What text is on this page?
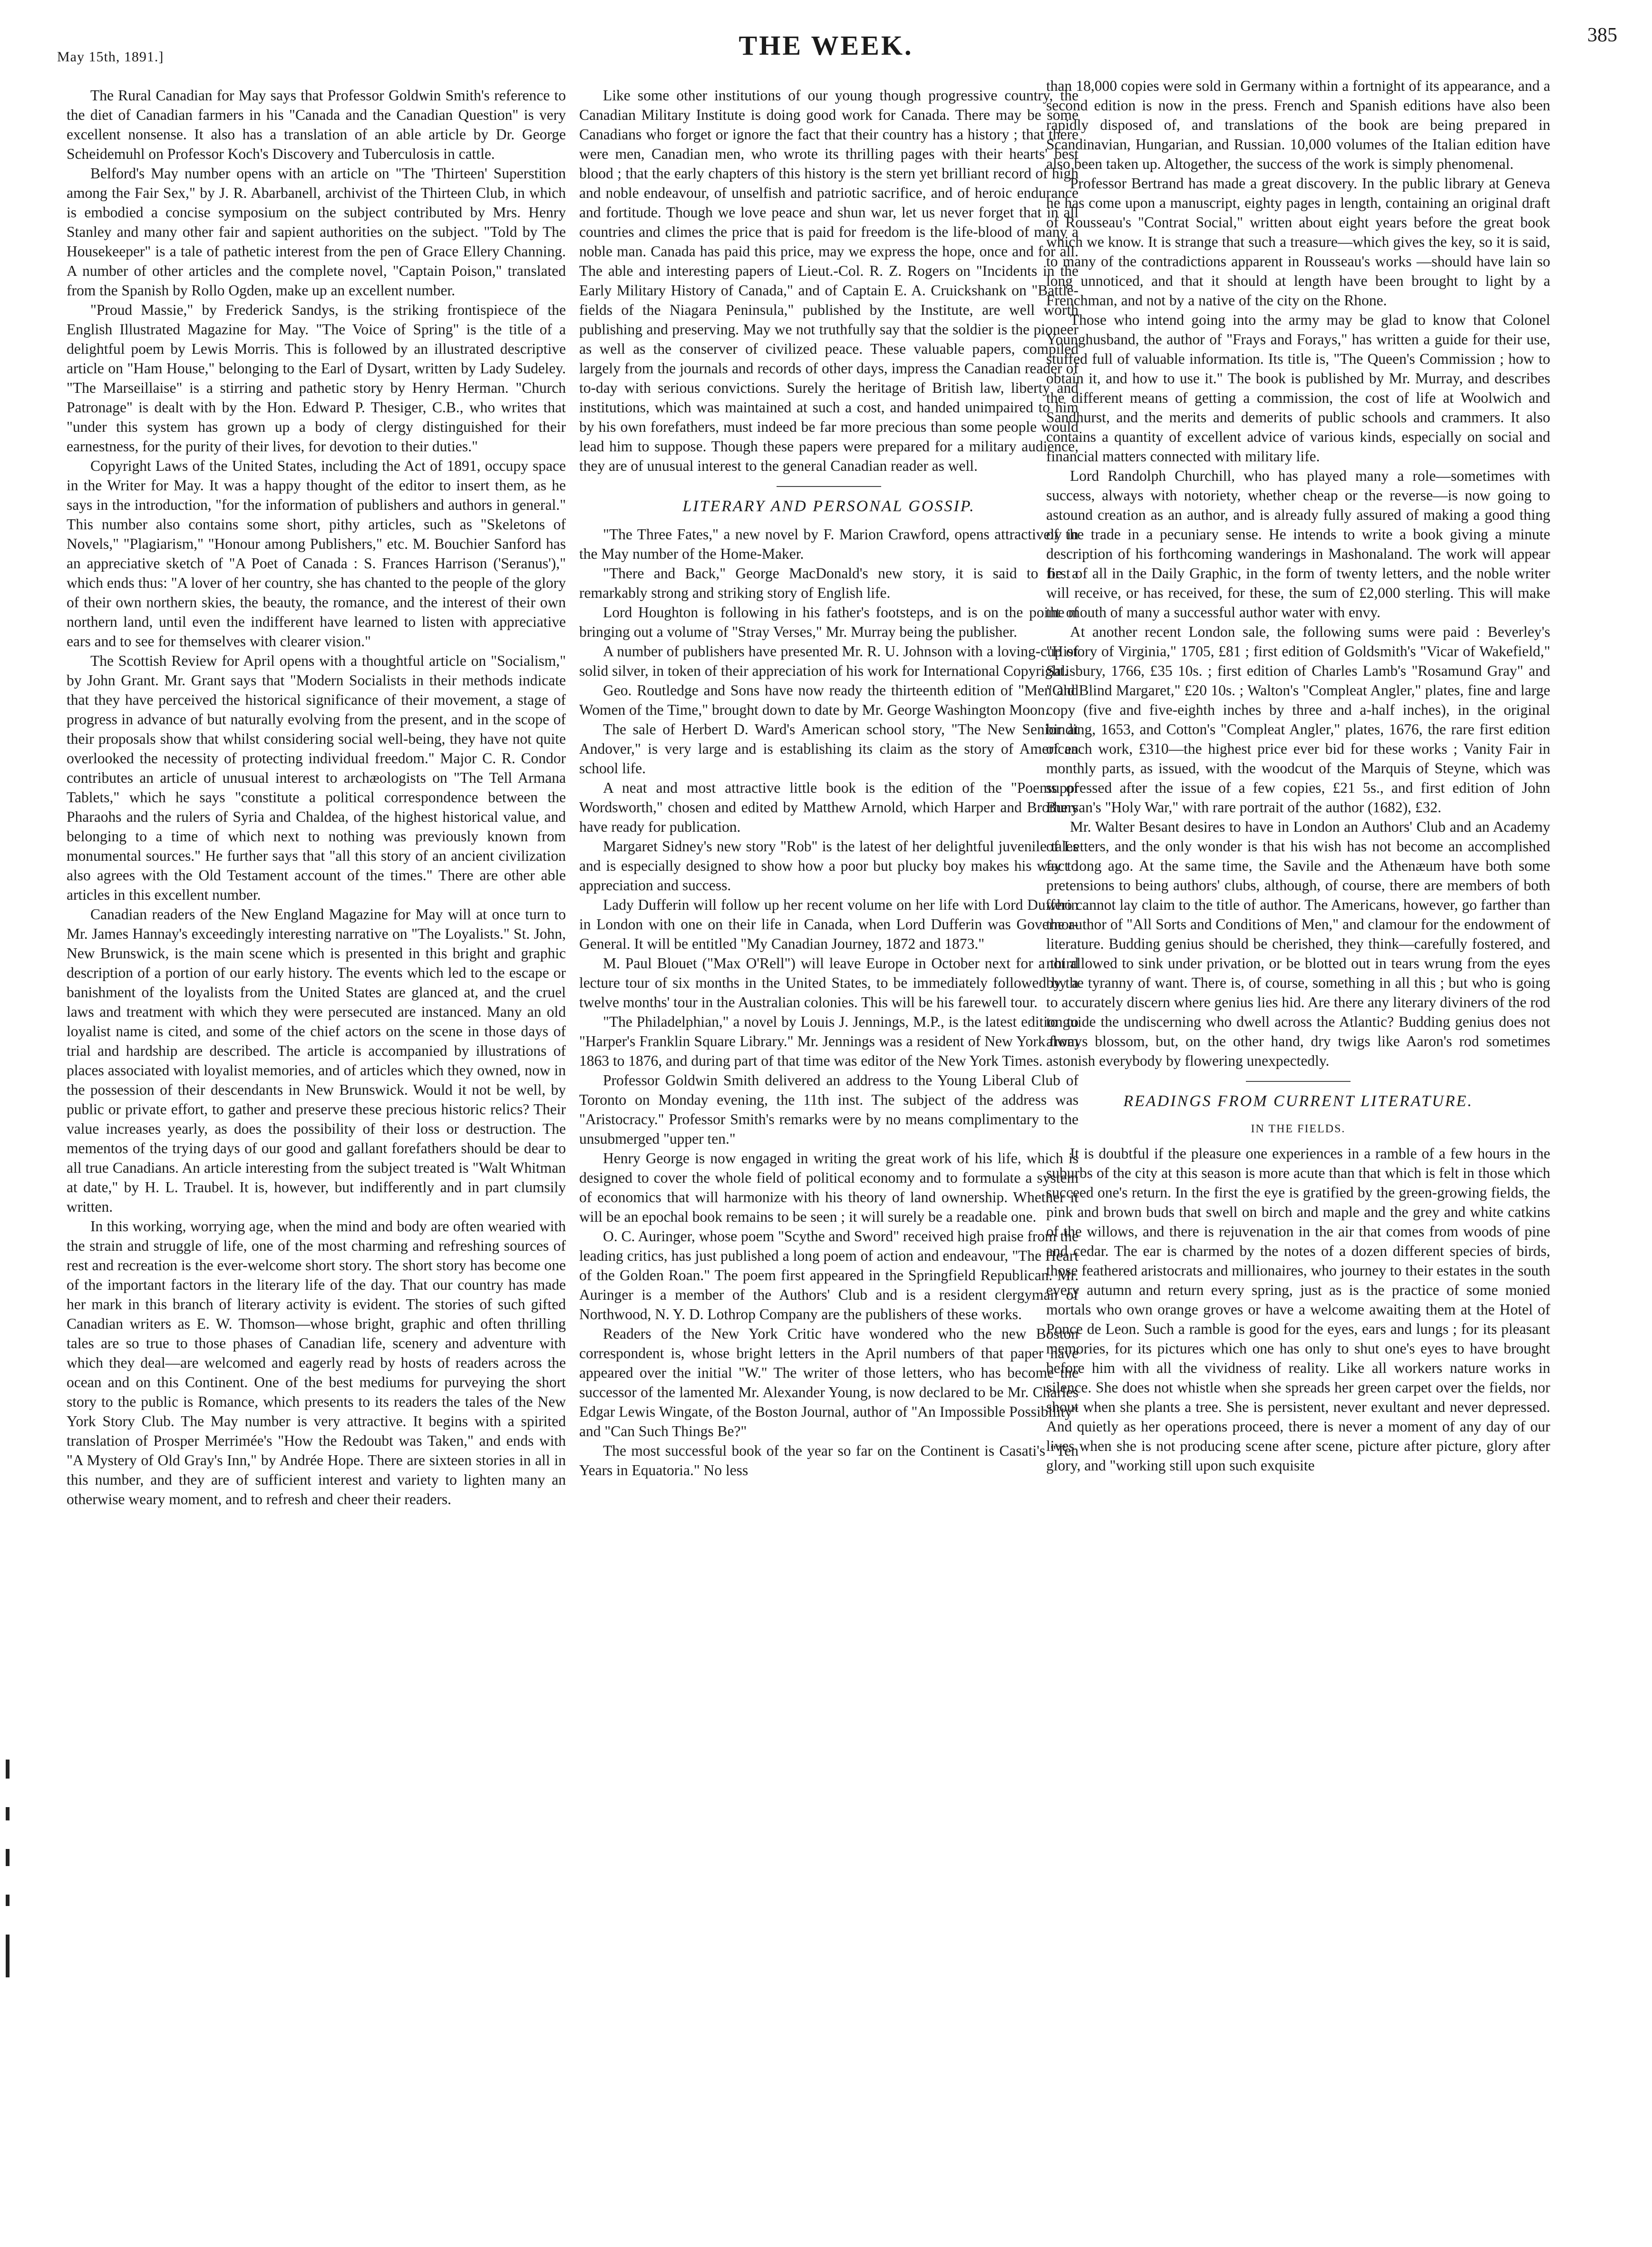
May 15th, 1891.]	THE WEEK.	385

The Rural Canadian for May says that Professor Goldwin Smith's reference to the diet of Canadian farmers in his "Canada and the Canadian Question" is very excellent nonsense. It also has a translation of an able article by Dr. George Scheidemuhl on Professor Koch's Discovery and Tuberculosis in cattle.

Belford's May number opens with an article on "The 'Thirteen' Superstition among the Fair Sex," by J. R. Abarbanell, archivist of the Thirteen Club, in which is embodied a concise symposium on the subject contributed by Mrs. Henry Stanley and many other fair and sapient authorities on the subject. "Told by The Housekeeper" is a tale of pathetic interest from the pen of Grace Ellery Channing. A number of other articles and the complete novel, "Captain Poison," translated from the Spanish by Rollo Ogden, make up an excellent number.

"Proud Massie," by Frederick Sandys, is the striking frontispiece of the English Illustrated Magazine for May. "The Voice of Spring" is the title of a delightful poem by Lewis Morris. This is followed by an illustrated descriptive article on "Ham House," belonging to the Earl of Dysart, written by Lady Sudeley. "The Marseillaise" is a stirring and pathetic story by Henry Herman. "Church Patronage" is dealt with by the Hon. Edward P. Thesiger, C.B., who writes that "under this system has grown up a body of clergy distinguished for their earnestness, for the purity of their lives, for devotion to their duties."

Copyright Laws of the United States, including the Act of 1891, occupy space in the Writer for May. It was a happy thought of the editor to insert them, as he says in the introduction, "for the information of publishers and authors in general." This number also contains some short, pithy articles, such as "Skeletons of Novels," "Plagiarism," "Honour among Publishers," etc. M. Bouchier Sanford has an appreciative sketch of "A Poet of Canada : S. Frances Harrison ('Seranus')," which ends thus: "A lover of her country, she has chanted to the people of the glory of their own northern skies, the beauty, the romance, and the interest of their own northern land, until even the indifferent have learned to listen with appreciative ears and to see for themselves with clearer vision."

The Scottish Review for April opens with a thoughtful article on "Socialism," by John Grant. Mr. Grant says that "Modern Socialists in their methods indicate that they have perceived the historical significance of their movement, a stage of progress in advance of but naturally evolving from the present, and in the scope of their proposals show that whilst considering social well-being, they have not quite overlooked the necessity of protecting individual freedom." Major C. R. Condor contributes an article of unusual interest to archæologists on "The Tell Armana Tablets," which he says "constitute a political correspondence between the Pharaohs and the rulers of Syria and Chaldea, of the highest historical value, and belonging to a time of which next to nothing was previously known from monumental sources." He further says that "all this story of an ancient civilization also agrees with the Old Testament account of the times." There are other able articles in this excellent number.

Canadian readers of the New England Magazine for May will at once turn to Mr. James Hannay's exceedingly interesting narrative on "The Loyalists." St. John, New Brunswick, is the main scene which is presented in this bright and graphic description of a portion of our early history. The events which led to the escape or banishment of the loyalists from the United States are glanced at, and the cruel laws and treatment with which they were persecuted are instanced. Many an old loyalist name is cited, and some of the chief actors on the scene in those days of trial and hardship are described. The article is accompanied by illustrations of places associated with loyalist memories, and of articles which they owned, now in the possession of their descendants in New Brunswick. Would it not be well, by public or private effort, to gather and preserve these precious historic relics? Their value increases yearly, as does the possibility of their loss or destruction. The mementos of the trying days of our good and gallant forefathers should be dear to all true Canadians. An article interesting from the subject treated is "Walt Whitman at date," by H. L. Traubel. It is, however, but indifferently and in part clumsily written.

In this working, worrying age, when the mind and body are often wearied with the strain and struggle of life, one of the most charming and refreshing sources of rest and recreation is the ever-welcome short story. The short story has become one of the important factors in the literary life of the day. That our country has made her mark in this branch of literary activity is evident. The stories of such gifted Canadian writers as E. W. Thomson—whose bright, graphic and often thrilling tales are so true to those phases of Canadian life, scenery and adventure with which they deal—are welcomed and eagerly read by hosts of readers across the ocean and on this Continent. One of the best mediums for purveying the short story to the public is Romance, which presents to its readers the tales of the New York Story Club. The May number is very attractive. It begins with a spirited translation of Prosper Merrimée's "How the Redoubt was Taken," and ends with "A Mystery of Old Gray's Inn," by Andrée Hope. There are sixteen stories in all in this number, and they are of sufficient interest and variety to lighten many an otherwise weary moment, and to refresh and cheer their readers.

Like some other institutions of our young though progressive country, the Canadian Military Institute is doing good work for Canada. There may be some Canadians who forget or ignore the fact that their country has a history ; that there were men, Canadian men, who wrote its thrilling pages with their hearts' best blood ; that the early chapters of this history is the stern yet brilliant record of high and noble endeavour, of unselfish and patriotic sacrifice, and of heroic endurance and fortitude. Though we love peace and shun war, let us never forget that in all countries and climes the price that is paid for freedom is the life-blood of many a noble man. Canada has paid this price, may we express the hope, once and for all. The able and interesting papers of Lieut.-Col. R. Z. Rogers on "Incidents in the Early Military History of Canada," and of Captain E. A. Cruickshank on "Battle-fields of the Niagara Peninsula," published by the Institute, are well worth publishing and preserving. May we not truthfully say that the soldier is the pioneer as well as the conserver of civilized peace. These valuable papers, compiled largely from the journals and records of other days, impress the Canadian reader of to-day with serious convictions. Surely the heritage of British law, liberty and institutions, which was maintained at such a cost, and handed unimpaired to him by his own forefathers, must indeed be far more precious than some people would lead him to suppose. Though these papers were prepared for a military audience, they are of unusual interest to the general Canadian reader as well.

LITERARY AND PERSONAL GOSSIP.

"The Three Fates," a new novel by F. Marion Crawford, opens attractively in the May number of the Home-Maker.

"There and Back," George MacDonald's new story, it is said to be a remarkably strong and striking story of English life.

Lord Houghton is following in his father's footsteps, and is on the point of bringing out a volume of "Stray Verses," Mr. Murray being the publisher.

A number of publishers have presented Mr. R. U. Johnson with a loving-cup of solid silver, in token of their appreciation of his work for International Copyright.

Geo. Routledge and Sons have now ready the thirteenth edition of "Men and Women of the Time," brought down to date by Mr. George Washington Moon.

The sale of Herbert D. Ward's American school story, "The New Senior at Andover," is very large and is establishing its claim as the story of American school life.

A neat and most attractive little book is the edition of the "Poems of Wordsworth," chosen and edited by Matthew Arnold, which Harper and Brothers have ready for publication.

Margaret Sidney's new story "Rob" is the latest of her delightful juvenile tales and is especially designed to show how a poor but plucky boy makes his way to appreciation and success.

Lady Dufferin will follow up her recent volume on her life with Lord Dufferin in London with one on their life in Canada, when Lord Dufferin was Governor-General. It will be entitled "My Canadian Journey, 1872 and 1873."

M. Paul Blouet ("Max O'Rell") will leave Europe in October next for a third lecture tour of six months in the United States, to be immediately followed by a twelve months' tour in the Australian colonies. This will be his farewell tour.

"The Philadelphian," a novel by Louis J. Jennings, M.P., is the latest edition to "Harper's Franklin Square Library." Mr. Jennings was a resident of New York from 1863 to 1876, and during part of that time was editor of the New York Times.

Professor Goldwin Smith delivered an address to the Young Liberal Club of Toronto on Monday evening, the 11th inst. The subject of the address was "Aristocracy." Professor Smith's remarks were by no means complimentary to the unsubmerged "upper ten."

Henry George is now engaged in writing the great work of his life, which is designed to cover the whole field of political economy and to formulate a system of economics that will harmonize with his theory of land ownership. Whether it will be an epochal book remains to be seen ; it will surely be a readable one.

O. C. Auringer, whose poem "Scythe and Sword" received high praise from the leading critics, has just published a long poem of action and endeavour, "The Heart of the Golden Roan." The poem first appeared in the Springfield Republican. Mr. Auringer is a member of the Authors' Club and is a resident clergyman of Northwood, N. Y. D. Lothrop Company are the publishers of these works.

Readers of the New York Critic have wondered who the new Boston correspondent is, whose bright letters in the April numbers of that paper have appeared over the initial "W." The writer of those letters, who has become the successor of the lamented Mr. Alexander Young, is now declared to be Mr. Charles Edgar Lewis Wingate, of the Boston Journal, author of "An Impossible Possibility" and "Can Such Things Be?"

The most successful book of the year so far on the Continent is Casati's "Ten Years in Equatoria." No less

than 18,000 copies were sold in Germany within a fortnight of its appearance, and a second edition is now in the press. French and Spanish editions have also been rapidly disposed of, and translations of the book are being prepared in Scandinavian, Hungarian, and Russian. 10,000 volumes of the Italian edition have also been taken up. Altogether, the success of the work is simply phenomenal.

Professor Bertrand has made a great discovery. In the public library at Geneva he has come upon a manuscript, eighty pages in length, containing an original draft of Rousseau's "Contrat Social," written about eight years before the great book which we know. It is strange that such a treasure—which gives the key, so it is said, to many of the contradictions apparent in Rousseau's works —should have lain so long unnoticed, and that it should at length have been brought to light by a Frenchman, and not by a native of the city on the Rhone.

Those who intend going into the army may be glad to know that Colonel Younghusband, the author of "Frays and Forays," has written a guide for their use, stuffed full of valuable information. Its title is, "The Queen's Commission ; how to obtain it, and how to use it." The book is published by Mr. Murray, and describes the different means of getting a commission, the cost of life at Woolwich and Sandhurst, and the merits and demerits of public schools and crammers. It also contains a quantity of excellent advice of various kinds, especially on social and financial matters connected with military life.

Lord Randolph Churchill, who has played many a role—sometimes with success, always with notoriety, whether cheap or the reverse—is now going to astound creation as an author, and is already fully assured of making a good thing of the trade in a pecuniary sense. He intends to write a book giving a minute description of his forthcoming wanderings in Mashonaland. The work will appear first of all in the Daily Graphic, in the form of twenty letters, and the noble writer will receive, or has received, for these, the sum of £2,000 sterling. This will make the mouth of many a successful author water with envy.

At another recent London sale, the following sums were paid : Beverley's "History of Virginia," 1705, £81 ; first edition of Goldsmith's "Vicar of Wakefield," Salisbury, 1766, £35 10s. ; first edition of Charles Lamb's "Rosamund Gray" and "Old Blind Margaret," £20 10s. ; Walton's "Compleat Angler," plates, fine and large copy (five and five-eighth inches by three and a-half inches), in the original binding, 1653, and Cotton's "Compleat Angler," plates, 1676, the rare first edition of each work, £310—the highest price ever bid for these works ; Vanity Fair in monthly parts, as issued, with the woodcut of the Marquis of Steyne, which was suppressed after the issue of a few copies, £21 5s., and first edition of John Bunyan's "Holy War," with rare portrait of the author (1682), £32.

Mr. Walter Besant desires to have in London an Authors' Club and an Academy of Letters, and the only wonder is that his wish has not become an accomplished fact long ago. At the same time, the Savile and the Athenæum have both some pretensions to being authors' clubs, although, of course, there are members of both who cannot lay claim to the title of author. The Americans, however, go farther than the author of "All Sorts and Conditions of Men," and clamour for the endowment of literature. Budding genius should be cherished, they think—carefully fostered, and not allowed to sink under privation, or be blotted out in tears wrung from the eyes by the tyranny of want. There is, of course, something in all this ; but who is going to accurately discern where genius lies hid. Are there any literary diviners of the rod to guide the undiscerning who dwell across the Atlantic? Budding genius does not always blossom, but, on the other hand, dry twigs like Aaron's rod sometimes astonish everybody by flowering unexpectedly.

READINGS FROM CURRENT LITERATURE.
IN THE FIELDS.

It is doubtful if the pleasure one experiences in a ramble of a few hours in the suburbs of the city at this season is more acute than that which is felt in those which succeed one's return. In the first the eye is gratified by the green-growing fields, the pink and brown buds that swell on birch and maple and the grey and white catkins of the willows, and there is rejuvenation in the air that comes from woods of pine and cedar. The ear is charmed by the notes of a dozen different species of birds, those feathered aristocrats and millionaires, who journey to their estates in the south every autumn and return every spring, just as is the practice of some monied mortals who own orange groves or have a welcome awaiting them at the Hotel of Ponce de Leon. Such a ramble is good for the eyes, ears and lungs ; for its pleasant memories, for its pictures which one has only to shut one's eyes to have brought before him with all the vividness of reality. Like all workers nature works in silence. She does not whistle when she spreads her green carpet over the fields, nor shout when she plants a tree. She is persistent, never exultant and never depressed. And quietly as her operations proceed, there is never a moment of any day of our lives when she is not producing scene after scene, picture after picture, glory after glory, and "working still upon such exquisite
